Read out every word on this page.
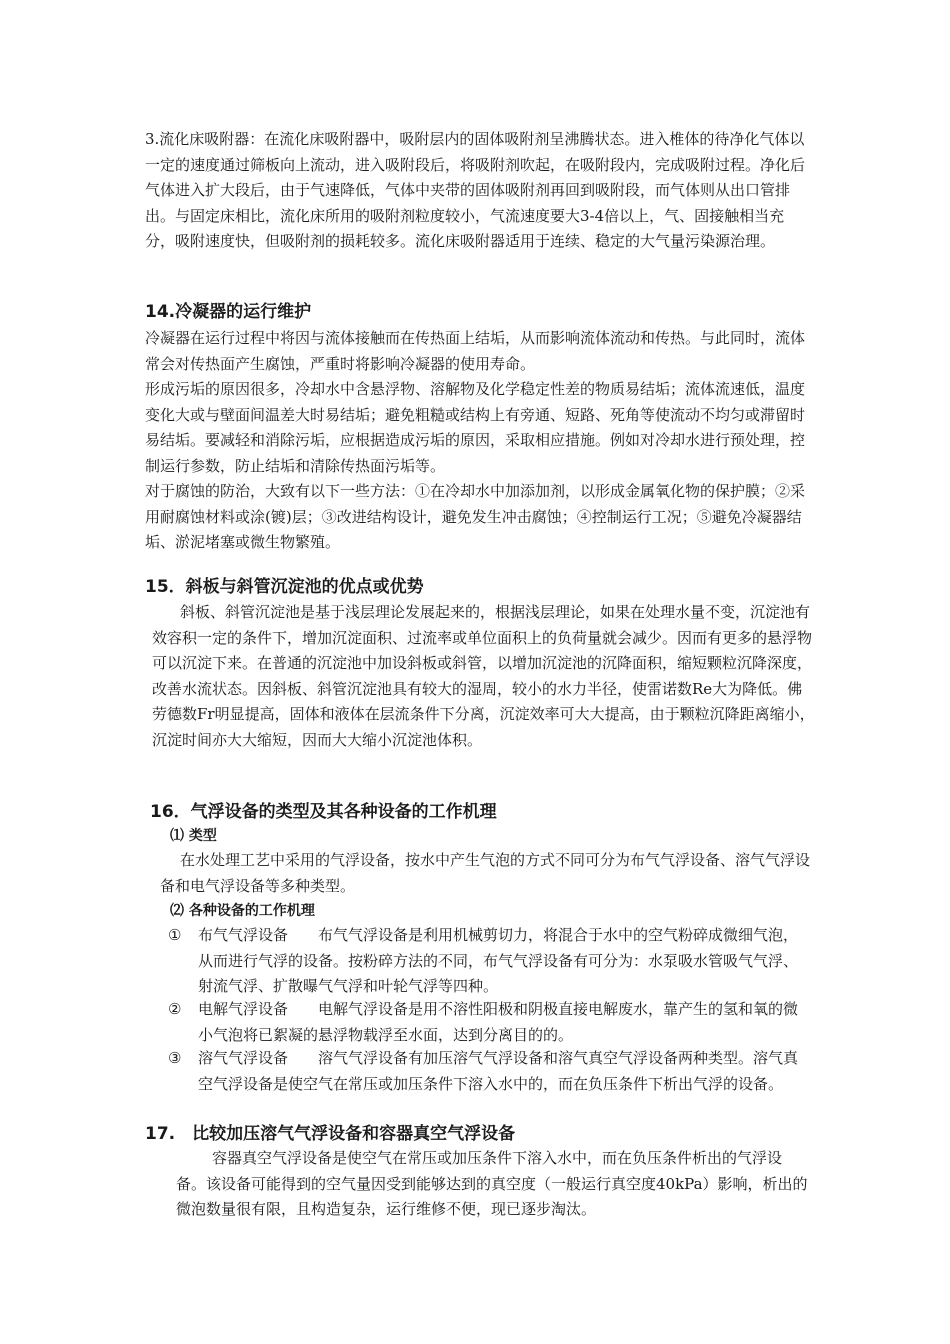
3.流化床吸附器：在流化床吸附器中，吸附层内的固体吸附剂呈沸腾状态。进入椎体的待净化气体以一定的速度通过筛板向上流动，进入吸附段后，将吸附剂吹起，在吸附段内，完成吸附过程。净化后气体进入扩大段后，由于气速降低，气体中夹带的固体吸附剂再回到吸附段，而气体则从出口管排出。与固定床相比，流化床所用的吸附剂粒度较小，气流速度要大3-4倍以上，气、固接触相当充分，吸附速度快，但吸附剂的损耗较多。流化床吸附器适用于连续、稳定的大气量污染源治理。

14.冷凝器的运行维护

冷凝器在运行过程中将因与流体接触而在传热面上结垢，从而影响流体流动和传热。与此同时，流体常会对传热面产生腐蚀，严重时将影响冷凝器的使用寿命。

形成污垢的原因很多，冷却水中含悬浮物、溶解物及化学稳定性差的物质易结垢；流体流速低，温度变化大或与壁面间温差大时易结垢；避免粗糙或结构上有旁通、短路、死角等使流动不均匀或滞留时易结垢。要减轻和消除污垢，应根据造成污垢的原因，采取相应措施。例如对冷却水进行预处理，控制运行参数，防止结垢和清除传热面污垢等。

对于腐蚀的防治，大致有以下一些方法：①在冷却水中加添加剂，以形成金属氧化物的保护膜；②采用耐腐蚀材料或涂(镀)层；③改进结构设计，避免发生冲击腐蚀；④控制运行工况；⑤避免冷凝器结垢、淤泥堵塞或微生物繁殖。

15．斜板与斜管沉淀池的优点或优势

斜板、斜管沉淀池是基于浅层理论发展起来的，根据浅层理论，如果在处理水量不变，沉淀池有效容积一定的条件下，增加沉淀面积、过流率或单位面积上的负荷量就会减少。因而有更多的悬浮物可以沉淀下来。在普通的沉淀池中加设斜板或斜管，以增加沉淀池的沉降面积，缩短颗粒沉降深度，改善水流状态。因斜板、斜管沉淀池具有较大的湿周，较小的水力半径，使雷诺数Re大为降低。佛劳德数Fr明显提高，固体和液体在层流条件下分离，沉淀效率可大大提高，由于颗粒沉降距离缩小，沉淀时间亦大大缩短，因而大大缩小沉淀池体积。

16．气浮设备的类型及其各种设备的工作机理
⑴ 类型

在水处理工艺中采用的气浮设备，按水中产生气泡的方式不同可分为布气气浮设备、溶气气浮设备和电气浮设备等多种类型。

⑵ 各种设备的工作机理
① 布气气浮设备　　布气气浮设备是利用机械剪切力，将混合于水中的空气粉碎成微细气泡，从而进行气浮的设备。按粉碎方法的不同，布气气浮设备有可分为：水泵吸水管吸气气浮、射流气浮、扩散曝气气浮和叶轮气浮等四种。

② 电解气浮设备　　电解气浮设备是用不溶性阳极和阴极直接电解废水，靠产生的氢和氧的微小气泡将已絮凝的悬浮物载浮至水面，达到分离目的的。

③ 溶气气浮设备　　溶气气浮设备有加压溶气气浮设备和溶气真空气浮设备两种类型。溶气真空气浮设备是使空气在常压或加压条件下溶入水中的，而在负压条件下析出气浮的设备。

17.　比较加压溶气气浮设备和容器真空气浮设备

容器真空气浮设备是使空气在常压或加压条件下溶入水中，而在负压条件析出的气浮设备。该设备可能得到的空气量因受到能够达到的真空度（一般运行真空度40kPa）影响，析出的微泡数量很有限，且构造复杂，运行维修不便，现已逐步淘汰。
